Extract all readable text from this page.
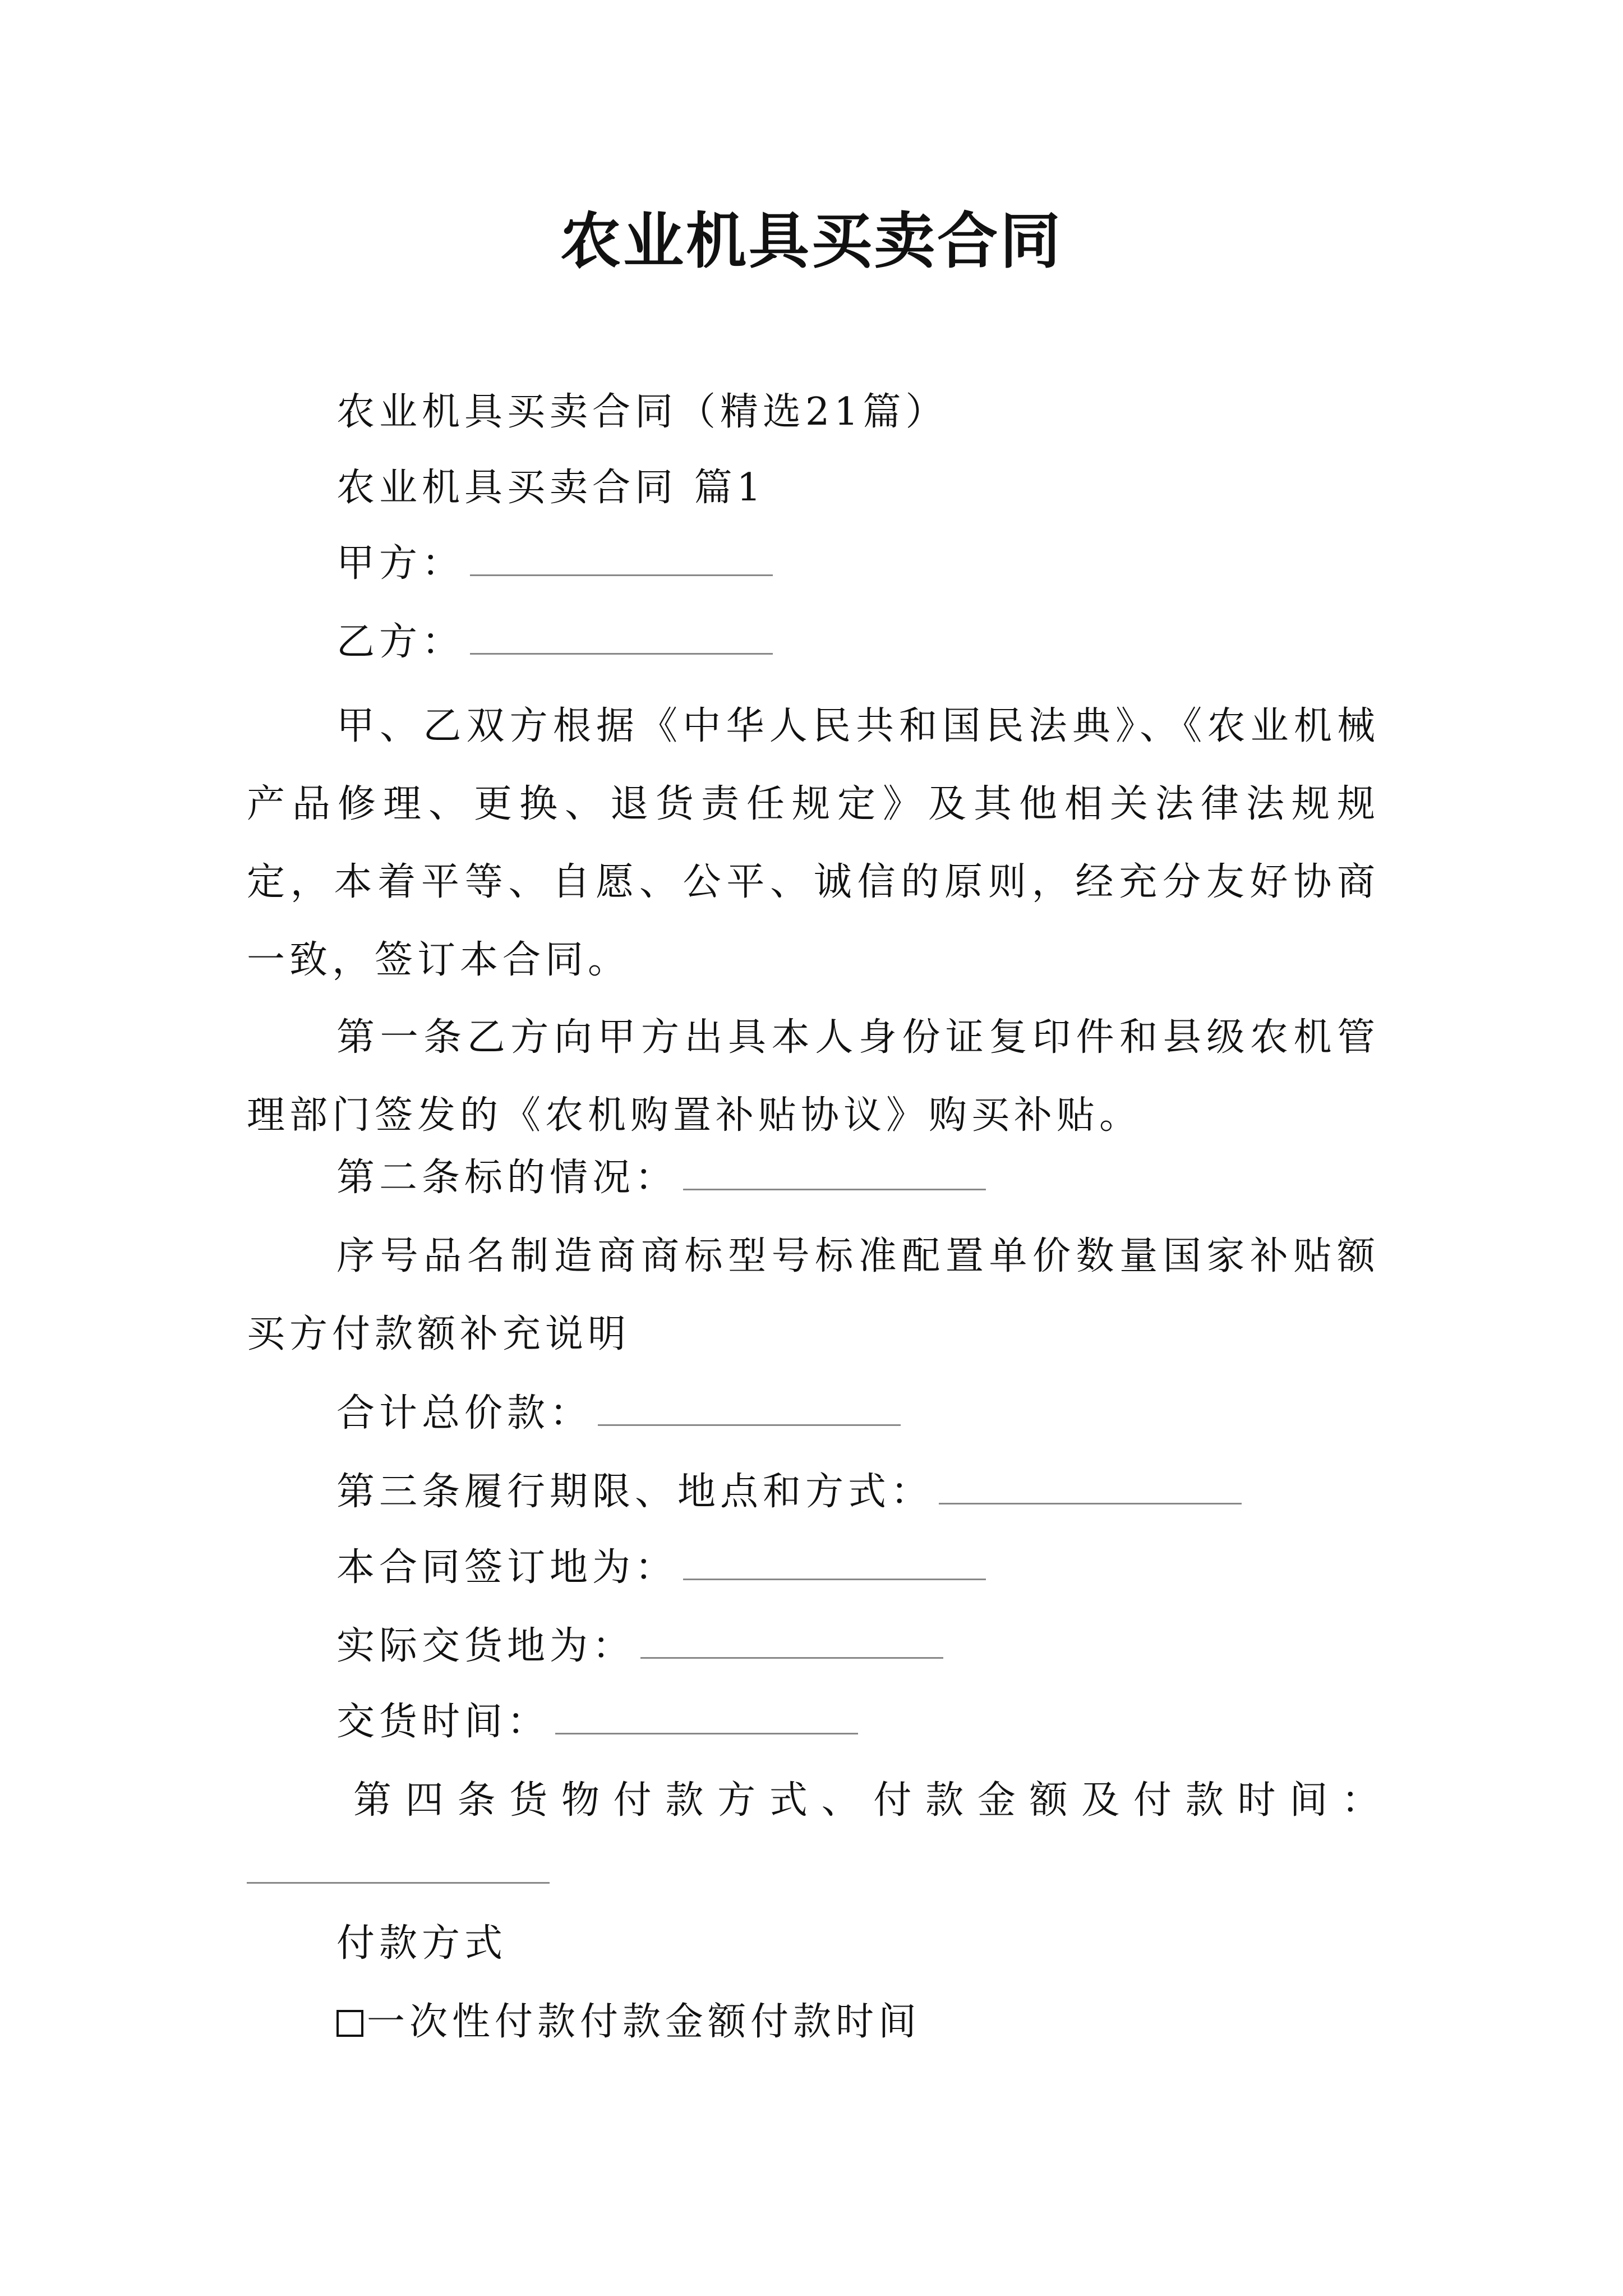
农业机具买卖合同
农业机具买卖合同（精选21篇）
农业机具买卖合同 篇1
甲方：
乙方：
甲、乙双方根据《中华人民共和国民法典》、《农业机械产品修理、更换、退货责任规定》及其他相关法律法规规定，本着平等、自愿、公平、诚信的原则，经充分友好协商一致，签订本合同。
第一条乙方向甲方出具本人身份证复印件和县级农机管理部门签发的《农机购置补贴协议》购买补贴。
第二条标的情况：
序号品名制造商商标型号标准配置单价数量国家补贴额买方付款额补充说明
合计总价款：
第三条履行期限、地点和方式：
本合同签订地为：
实际交货地为：
交货时间：
第四条货物付款方式、付款金额及付款时间：
付款方式
一次性付款付款金额付款时间
